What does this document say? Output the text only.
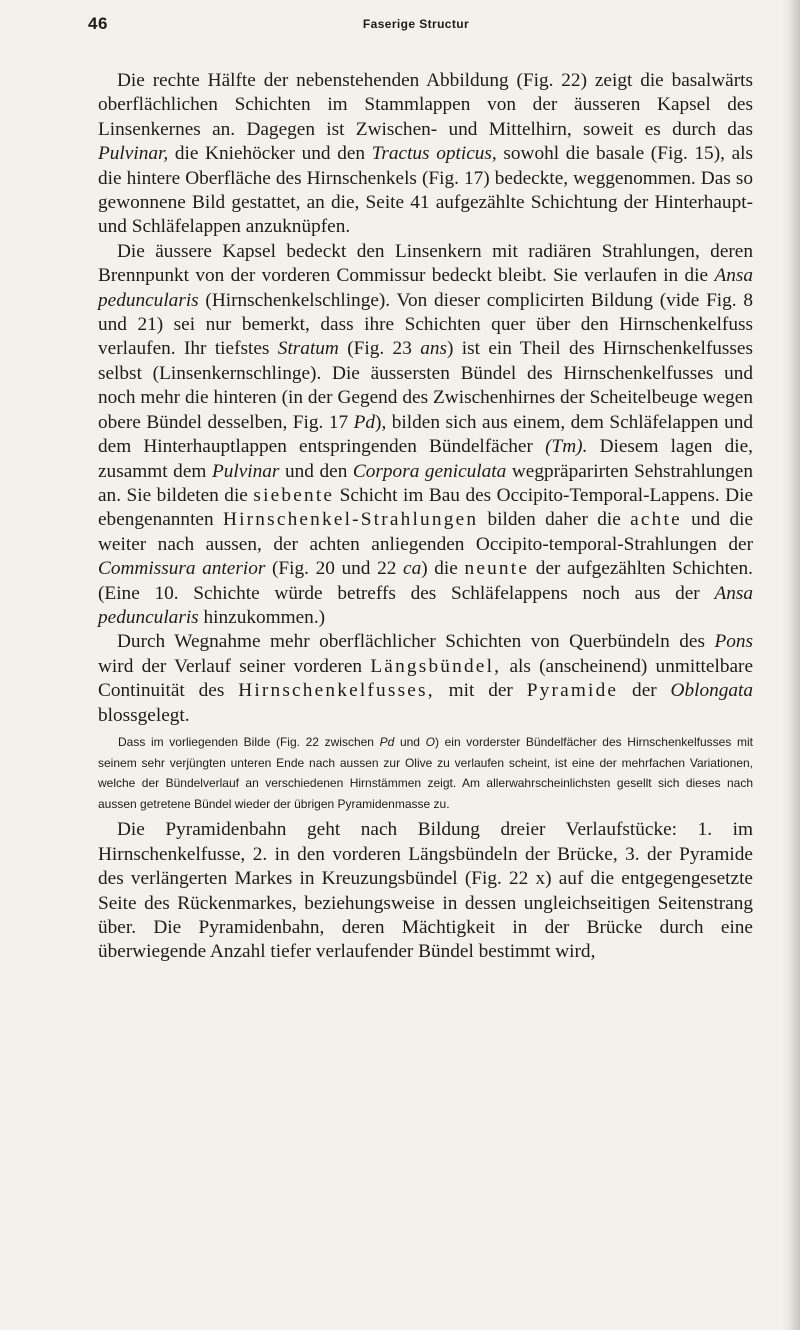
46	Faserige Structur

Die rechte Hälfte der nebenstehenden Abbildung (Fig. 22) zeigt die basalwärts oberflächlichen Schichten im Stammlappen von der äusseren Kapsel des Linsenkernes an. Dagegen ist Zwischen- und Mittelhirn, soweit es durch das Pulvinar, die Kniehöcker und den Tractus opticus, sowohl die basale (Fig. 15), als die hintere Oberfläche des Hirnschenkels (Fig. 17) bedeckte, weggenommen. Das so gewonnene Bild gestattet, an die, Seite 41 aufgezählte Schichtung der Hinterhaupt- und Schläfelappen anzuknüpfen.

Die äussere Kapsel bedeckt den Linsenkern mit radiären Strahlungen, deren Brennpunkt von der vorderen Commissur bedeckt bleibt. Sie verlaufen in die Ansa peduncularis (Hirnschenkelschlinge). Von dieser complicirten Bildung (vide Fig. 8 und 21) sei nur bemerkt, dass ihre Schichten quer über den Hirnschenkelfuss verlaufen. Ihr tiefstes Stratum (Fig. 23 ans) ist ein Theil des Hirnschenkelfusses selbst (Linsenkernschlinge). Die äussersten Bündel des Hirnschenkelfusses und noch mehr die hinteren (in der Gegend des Zwischenhirnes der Scheitelbeuge wegen obere Bündel desselben, Fig. 17 Pd), bilden sich aus einem, dem Schläfelappen und dem Hinterhauptlappen entspringenden Bündelfächer (Tm). Diesem lagen die, zusammt dem Pulvinar und den Corpora geniculata wegpräparirten Sehstrahlungen an. Sie bildeten die siebente Schicht im Bau des Occipito-Temporal-Lappens. Die ebengenannten Hirnschenkel-Strahlungen bilden daher die achte und die weiter nach aussen, der achten anliegenden Occipito-temporal-Strahlungen der Commissura anterior (Fig. 20 und 22 ca) die neunte der aufgezählten Schichten. (Eine 10. Schichte würde betreffs des Schläfelappens noch aus der Ansa peduncularis hinzukommen.)

Durch Wegnahme mehr oberflächlicher Schichten von Querbündeln des Pons wird der Verlauf seiner vorderen Längsbündel, als (anscheinend) unmittelbare Continuität des Hirnschenkelfusses, mit der Pyramide der Oblongata blossgelegt.

Dass im vorliegenden Bilde (Fig. 22 zwischen Pd und O) ein vorderster Bündelfächer des Hirnschenkelfusses mit seinem sehr verjüngten unteren Ende nach aussen zur Olive zu verlaufen scheint, ist eine der mehrfachen Variationen, welche der Bündelverlauf an verschiedenen Hirnstämmen zeigt. Am allerwahrscheinlichsten gesellt sich dieses nach aussen getretene Bündel wieder der übrigen Pyramidenmasse zu.

Die Pyramidenbahn geht nach Bildung dreier Verlaufstücke: 1. im Hirnschenkelfusse, 2. in den vorderen Längsbündeln der Brücke, 3. der Pyramide des verlängerten Markes in Kreuzungsbündel (Fig. 22 x) auf die entgegengesetzte Seite des Rückenmarkes, beziehungsweise in dessen ungleichseitigen Seitenstrang über. Die Pyramidenbahn, deren Mächtigkeit in der Brücke durch eine überwiegende Anzahl tiefer verlaufender Bündel bestimmt wird,
